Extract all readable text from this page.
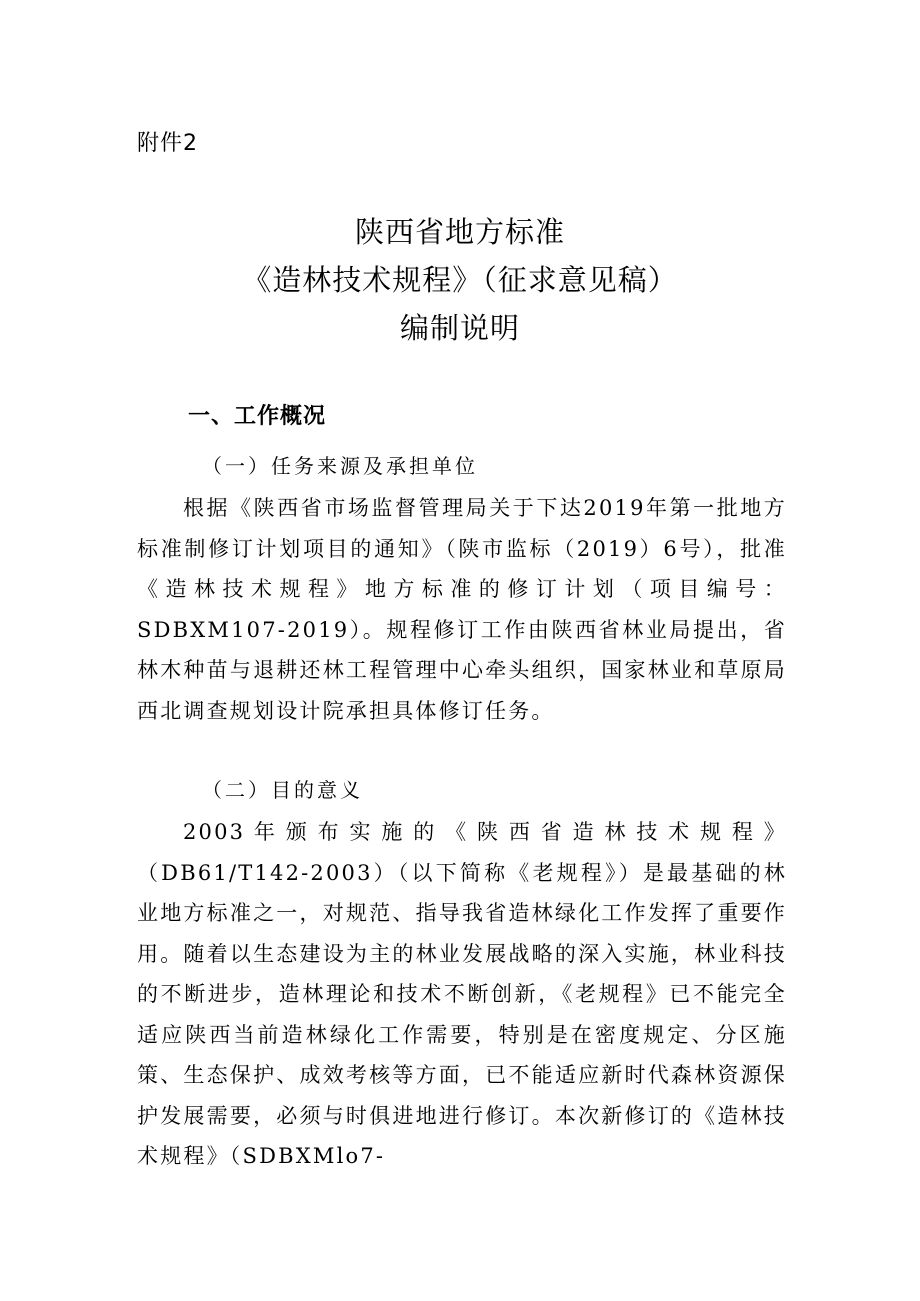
附件2
陕西省地方标准
《造林技术规程》（征求意见稿）
编制说明
一、工作概况
（一）任务来源及承担单位

根据《陕西省市场监督管理局关于下达2019年第一批地方标准制修订计划项目的通知》（陕市监标（2019）6号），批准《造林技术规程》地方标准的修订计划（项目编号：SDBXM107-2019）。规程修订工作由陕西省林业局提出，省林木种苗与退耕还林工程管理中心牵头组织，国家林业和草原局西北调查规划设计院承担具体修订任务。

（二）目的意义

2003年颁布实施的《陕西省造林技术规程》（DB61/T142-2003）（以下简称《老规程》）是最基础的林业地方标准之一，对规范、指导我省造林绿化工作发挥了重要作用。随着以生态建设为主的林业发展战略的深入实施，林业科技的不断进步，造林理论和技术不断创新，《老规程》已不能完全适应陕西当前造林绿化工作需要，特别是在密度规定、分区施策、生态保护、成效考核等方面，已不能适应新时代森林资源保护发展需要，必须与时俱进地进行修订。本次新修订的《造林技术规程》（SDBXMlo7-
